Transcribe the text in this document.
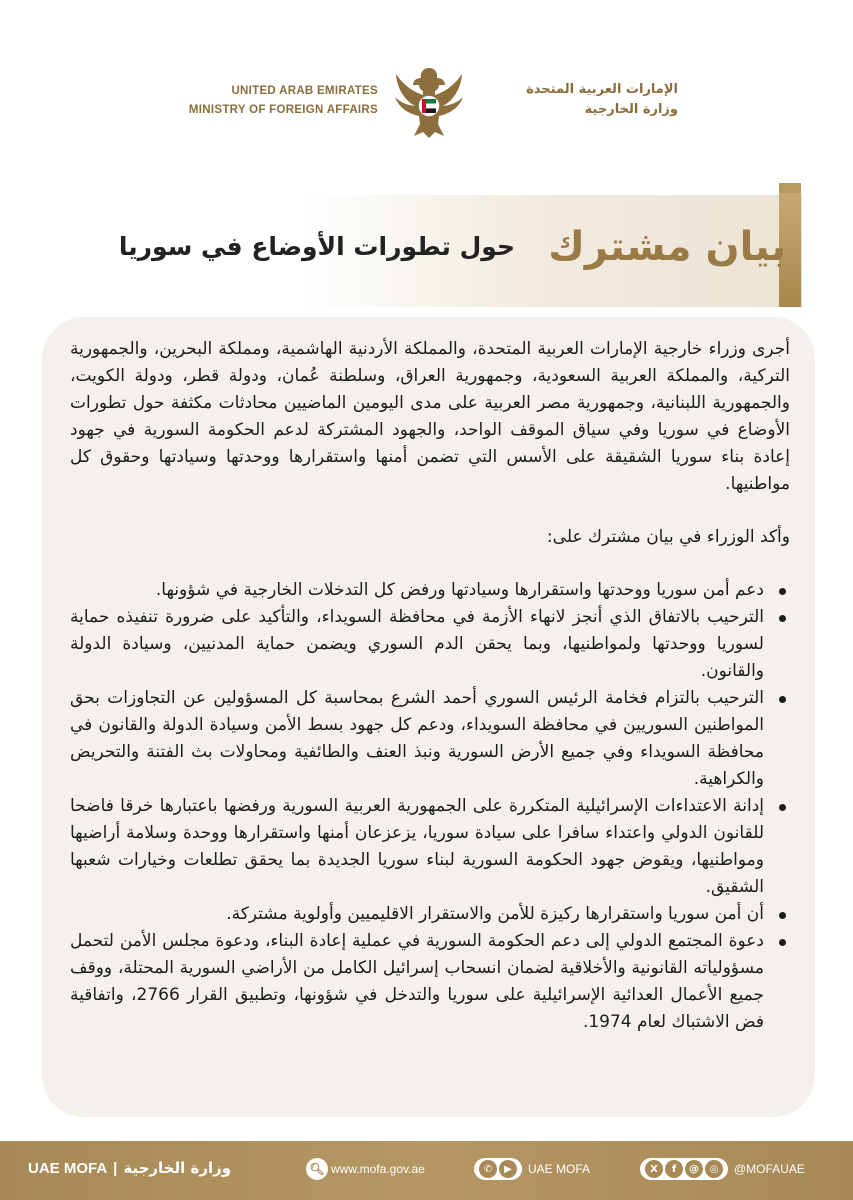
UNITED ARAB EMIRATES
MINISTRY OF FOREIGN AFFAIRS
الإمارات العربية المتحدة
وزارة الخارجية
بيان مشترك
حول تطورات الأوضاع في سوريا

أجرى وزراء خارجية الإمارات العربية المتحدة، والمملكة الأردنية الهاشمية، ومملكة البحرين، والجمهورية التركية، والمملكة العربية السعودية، وجمهورية العراق، وسلطنة عُمان، ودولة قطر، ودولة الكويت، والجمهورية اللبنانية، وجمهورية مصر العربية على مدى اليومين الماضيين محادثات مكثفة حول تطورات الأوضاع في سوريا وفي سياق الموقف الواحد، والجهود المشتركة لدعم الحكومة السورية في جهود إعادة بناء سوريا الشقيقة على الأسس التي تضمن أمنها واستقرارها ووحدتها وسيادتها وحقوق كل مواطنيها.

وأكد الوزراء في بيان مشترك على:

دعم أمن سوريا ووحدتها واستقرارها وسيادتها ورفض كل التدخلات الخارجية في شؤونها.
الترحيب بالاتفاق الذي أنجز لانهاء الأزمة في محافظة السويداء، والتأكيد على ضرورة تنفيذه حماية لسوريا ووحدتها ولمواطنيها، وبما يحقن الدم السوري ويضمن حماية المدنيين، وسيادة الدولة والقانون.
الترحيب بالتزام فخامة الرئيس السوري أحمد الشرع بمحاسبة كل المسؤولين عن التجاوزات بحق المواطنين السوريين في محافظة السويداء، ودعم كل جهود بسط الأمن وسيادة الدولة والقانون في محافظة السويداء وفي جميع الأرض السورية ونبذ العنف والطائفية ومحاولات بث الفتنة والتحريض والكراهية.
إدانة الاعتداءات الإسرائيلية المتكررة على الجمهورية العربية السورية ورفضها باعتبارها خرقا فاضحا للقانون الدولي واعتداء سافرا على سيادة سوريا، يزعزعان أمنها واستقرارها ووحدة وسلامة أراضيها ومواطنيها، ويقوض جهود الحكومة السورية لبناء سوريا الجديدة بما يحقق تطلعات وخيارات شعبها الشقيق.
أن أمن سوريا واستقرارها ركيزة للأمن والاستقرار الاقليميين وأولوية مشتركة.
دعوة المجتمع الدولي إلى دعم الحكومة السورية في عملية إعادة البناء، ودعوة مجلس الأمن لتحمل مسؤولياته القانونية والأخلاقية لضمان انسحاب إسرائيل الكامل من الأراضي السورية المحتلة، ووقف جميع الأعمال العدائية الإسرائيلية على سوريا والتدخل في شؤونها، وتطبيق القرار 2766، واتفاقية فض الاشتباك لعام 1974.
UAE MOFA | وزارة الخارجية	🔍︎ www.mofa.gov.ae	✆	▶	UAE MOFA	X	f	@	◎	@MOFAUAE
